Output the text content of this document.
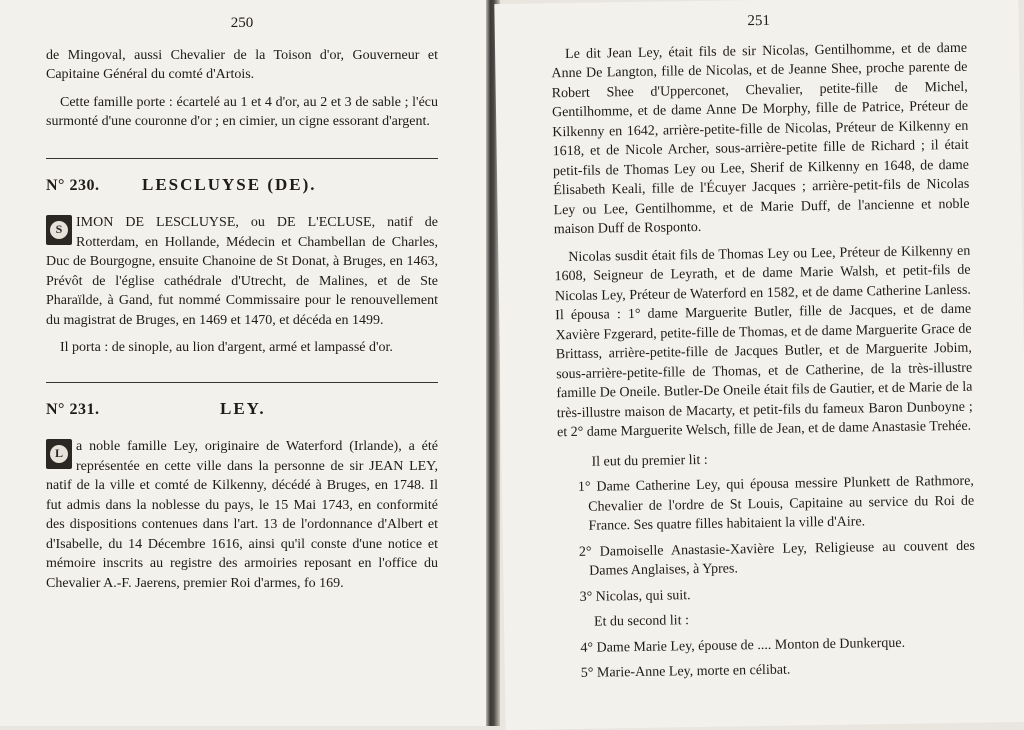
250

de Mingoval, aussi Chevalier de la Toison d'or, Gouverneur et Capitaine Général du comté d'Artois.

Cette famille porte : écartelé au 1 et 4 d'or, au 2 et 3 de sable ; l'écu surmonté d'une couronne d'or ; en cimier, un cigne essorant d'argent.

N° 230.	LESCLUYSE (DE).
S IMON DE LESCLUYSE, ou DE L'ECLUSE, natif de Rotterdam, en Hollande, Médecin et Chambellan de Charles, Duc de Bourgogne, ensuite Chanoine de St Donat, à Bruges, en 1463, Prévôt de l'église cathédrale d'Utrecht, de Malines, et de Ste Pharaïlde, à Gand, fut nommé Commissaire pour le renouvellement du magistrat de Bruges, en 1469 et 1470, et décéda en 1499.

Il porta : de sinople, au lion d'argent, armé et lampassé d'or.

N° 231.	LEY.
L a noble famille Ley, originaire de Waterford (Irlande), a été représentée en cette ville dans la personne de sir JEAN LEY, natif de la ville et comté de Kilkenny, décédé à Bruges, en 1748. Il fut admis dans la noblesse du pays, le 15 Mai 1743, en conformité des dispositions contenues dans l'art. 13 de l'ordonnance d'Albert et d'Isabelle, du 14 Décembre 1616, ainsi qu'il conste d'une notice et mémoire inscrits au registre des armoiries reposant en l'office du Chevalier A.-F. Jaerens, premier Roi d'armes, fo 169.

251

Le dit Jean Ley, était fils de sir Nicolas, Gentilhomme, et de dame Anne De Langton, fille de Nicolas, et de Jeanne Shee, proche parente de Robert Shee d'Upperconet, Chevalier, petite-fille de Michel, Gentilhomme, et de dame Anne De Morphy, fille de Patrice, Préteur de Kilkenny en 1642, arrière-petite-fille de Nicolas, Préteur de Kilkenny en 1618, et de Nicole Archer, sous-arrière-petite fille de Richard ; il était petit-fils de Thomas Ley ou Lee, Sherif de Kilkenny en 1648, de dame Élisabeth Keali, fille de l'Écuyer Jacques ; arrière-petit-fils de Nicolas Ley ou Lee, Gentilhomme, et de Marie Duff, de l'ancienne et noble maison Duff de Rosponto.

Nicolas susdit était fils de Thomas Ley ou Lee, Préteur de Kilkenny en 1608, Seigneur de Leyrath, et de dame Marie Walsh, et petit-fils de Nicolas Ley, Préteur de Waterford en 1582, et de dame Catherine Lanless. Il épousa : 1° dame Marguerite Butler, fille de Jacques, et de dame Xavière Fzgerard, petite-fille de Thomas, et de dame Marguerite Grace de Brittass, arrière-petite-fille de Jacques Butler, et de Marguerite Jobim, sous-arrière-petite-fille de Thomas, et de Catherine, de la très-illustre famille De Oneile. Butler-De Oneile était fils de Gautier, et de Marie de la très-illustre maison de Macarty, et petit-fils du fameux Baron Dunboyne ; et 2° dame Marguerite Welsch, fille de Jean, et de dame Anastasie Trehée.

Il eut du premier lit :

1° Dame Catherine Ley, qui épousa messire Plunkett de Rathmore, Chevalier de l'ordre de St Louis, Capitaine au service du Roi de France. Ses quatre filles habitaient la ville d'Aire.

2° Damoiselle Anastasie-Xavière Ley, Religieuse au couvent des Dames Anglaises, à Ypres.

3° Nicolas, qui suit.

Et du second lit :

4° Dame Marie Ley, épouse de .... Monton de Dunkerque.

5° Marie-Anne Ley, morte en célibat.
